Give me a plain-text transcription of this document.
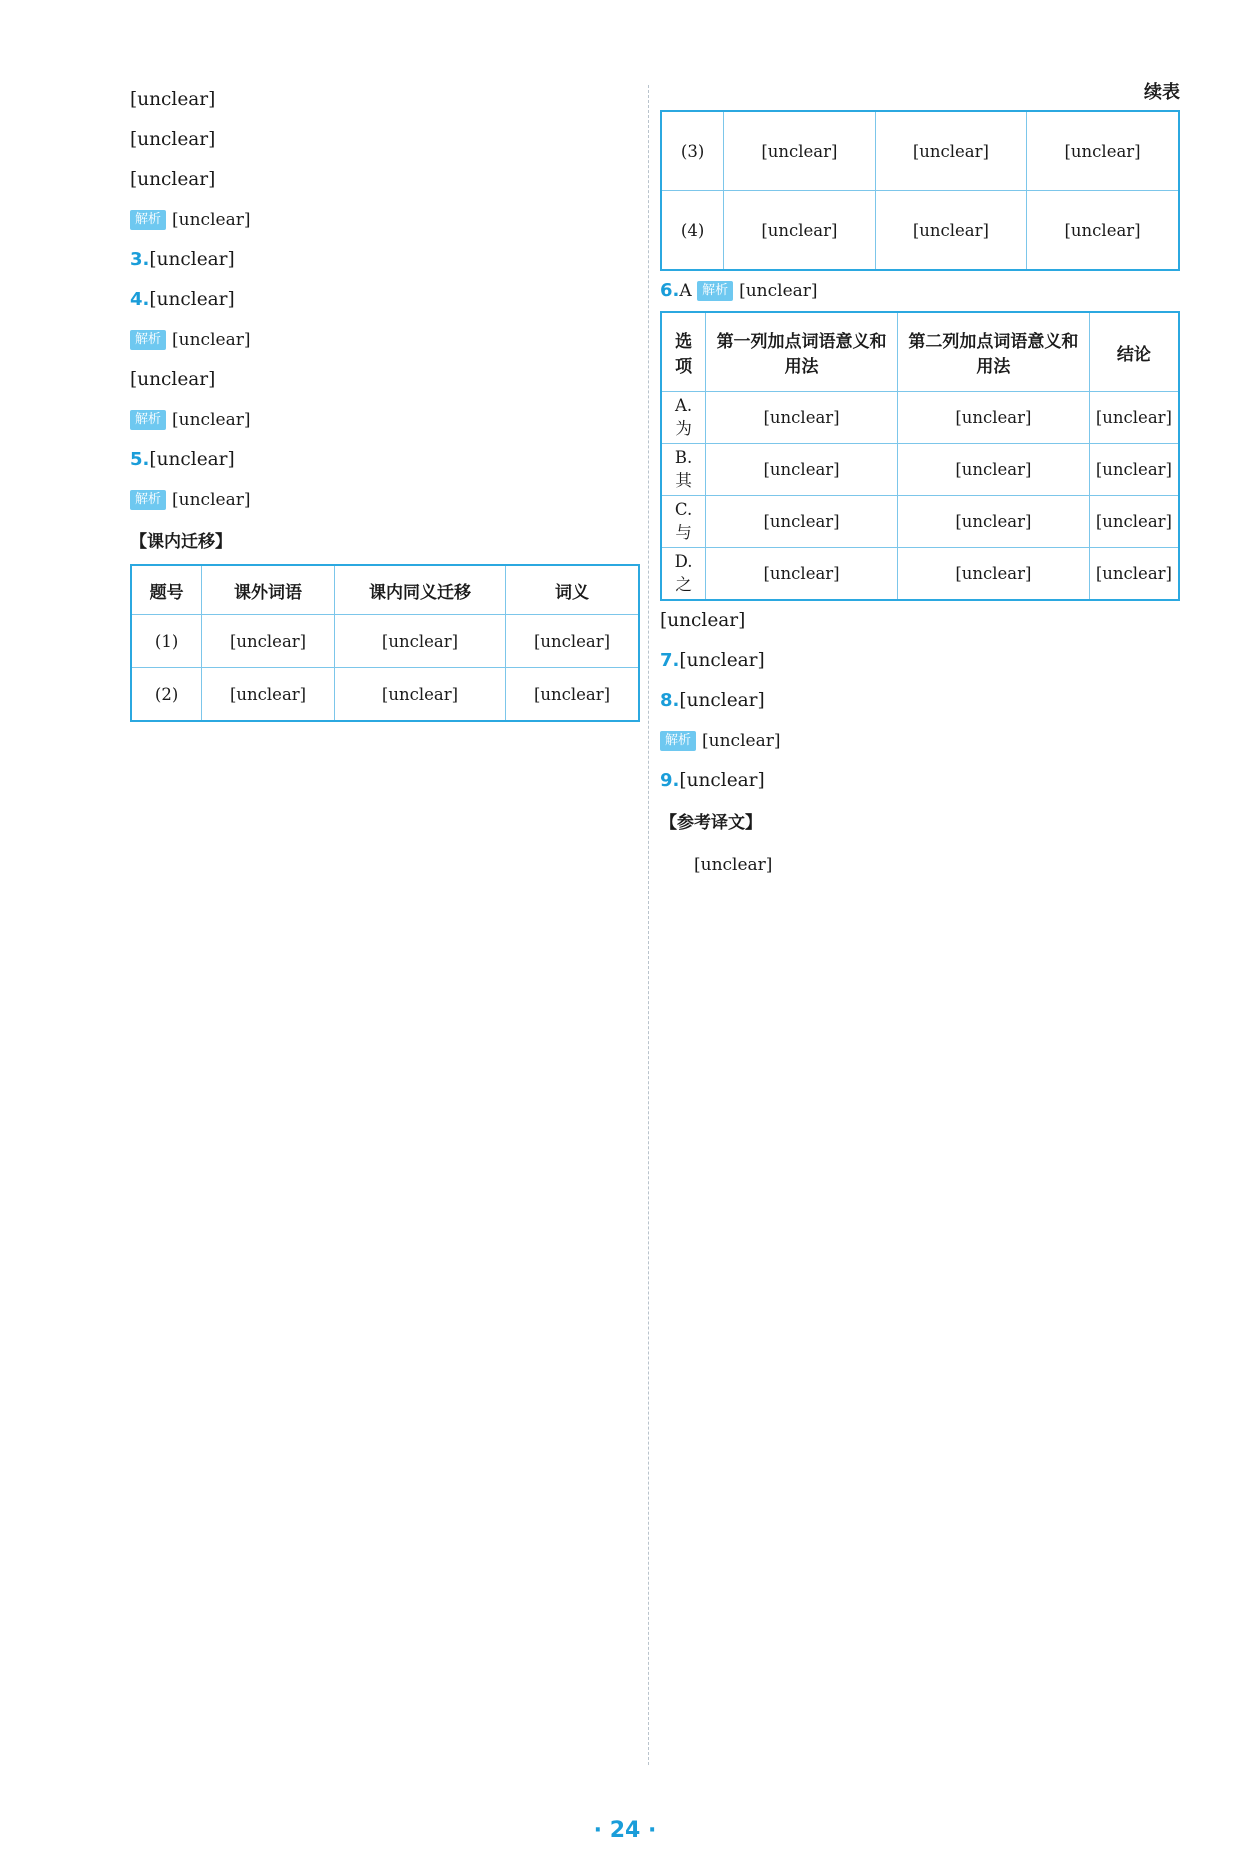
[unclear]

[unclear]

[unclear]

解析 [unclear]

3.[unclear]

4.[unclear]

解析 [unclear]

[unclear]

解析 [unclear]

5.[unclear]

解析 [unclear]

【课内迁移】
题号	课外词语	课内同义迁移	词义
(1)	[unclear]	[unclear]	[unclear]
(2)	[unclear]	[unclear]	[unclear]
续表
(3)	[unclear]	[unclear]	[unclear]
(4)	[unclear]	[unclear]	[unclear]

6.A 解析 [unclear]

选项	第一列加点词语意义和用法	第二列加点词语意义和用法	结论
A.为	[unclear]	[unclear]	[unclear]
B.其	[unclear]	[unclear]	[unclear]
C.与	[unclear]	[unclear]	[unclear]
D.之	[unclear]	[unclear]	[unclear]

[unclear]

7.[unclear]

8.[unclear]

解析 [unclear]

9.[unclear]

【参考译文】

[unclear]

· 24 ·
